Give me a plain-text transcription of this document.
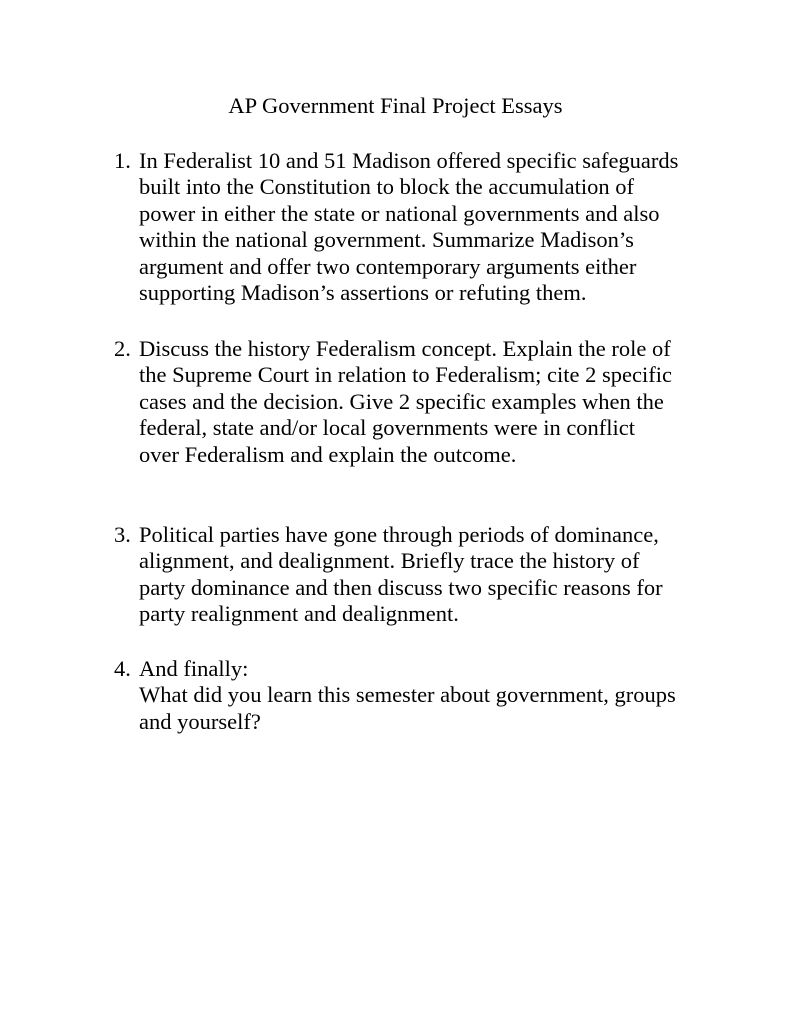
AP Government Final Project Essays
1. In Federalist 10 and 51 Madison offered specific safeguards
built into the Constitution to block the accumulation of
power in either the state or national governments and also
within the national government. Summarize Madison’s
argument and offer two contemporary arguments either
supporting Madison’s assertions or refuting them.
2. Discuss the history Federalism concept. Explain the role of
the Supreme Court in relation to Federalism; cite 2 specific
cases and the decision. Give 2 specific examples when the
federal, state and/or local governments were in conflict
over Federalism and explain the outcome.
3. Political parties have gone through periods of dominance,
alignment, and dealignment. Briefly trace the history of
party dominance and then discuss two specific reasons for
party realignment and dealignment.
4. And finally:
What did you learn this semester about government, groups
and yourself?
